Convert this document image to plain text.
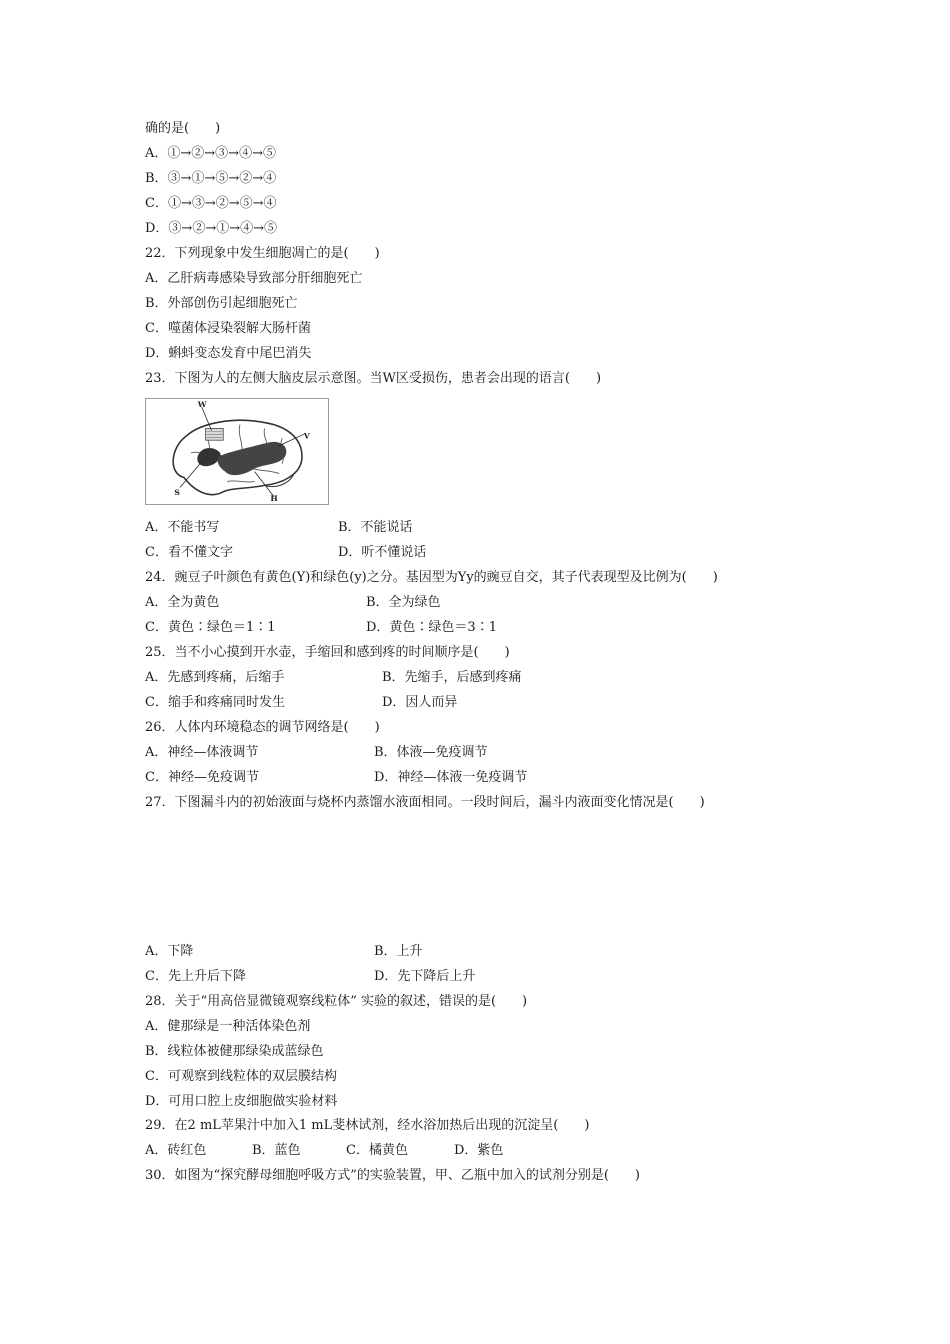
确的是(　　)
A．①→②→③→④→⑤
B．③→①→⑤→②→④
C．①→③→②→⑤→④
D．③→②→①→④→⑤
22．下列现象中发生细胞凋亡的是(　　)
A．乙肝病毒感染导致部分肝细胞死亡
B．外部创伤引起细胞死亡
C．噬菌体浸染裂解大肠杆菌
D．蝌蚪变态发育中尾巴消失
23．下图为人的左侧大脑皮层示意图。当W区受损伤，患者会出现的语言(　　)
W
V
S
H
A．不能书写	B．不能说话
C．看不懂文字	D．听不懂说话
24．豌豆子叶颜色有黄色(Y)和绿色(y)之分。基因型为Yy的豌豆自交，其子代表现型及比例为(　　)
A．全为黄色	B．全为绿色
C．黄色∶绿色＝1∶1	D．黄色∶绿色＝3∶1
25．当不小心摸到开水壶，手缩回和感到疼的时间顺序是(　　)
A．先感到疼痛，后缩手	B．先缩手，后感到疼痛
C．缩手和疼痛同时发生	D．因人而异
26．人体内环境稳态的调节网络是(　　)
A．神经—体液调节	B．体液—免疫调节
C．神经—免疫调节	D．神经—体液一免疫调节
27．下图漏斗内的初始液面与烧杯内蒸馏水液面相同。一段时间后，漏斗内液面变化情况是(　　)
A．下降	B．上升
C．先上升后下降	D．先下降后上升
28．关于“用高倍显微镜观察线粒体” 实验的叙述，错误的是(　　)
A．健那绿是一种活体染色剂
B．线粒体被健那绿染成蓝绿色
C．可观察到线粒体的双层膜结构
D．可用口腔上皮细胞做实验材料
29．在2 mL苹果汁中加入1 mL斐林试剂，经水浴加热后出现的沉淀呈(　　)
A．砖红色	B．蓝色	C．橘黄色	D．紫色
30．如图为“探究酵母细胞呼吸方式”的实验装置，甲、乙瓶中加入的试剂分别是(　　)
